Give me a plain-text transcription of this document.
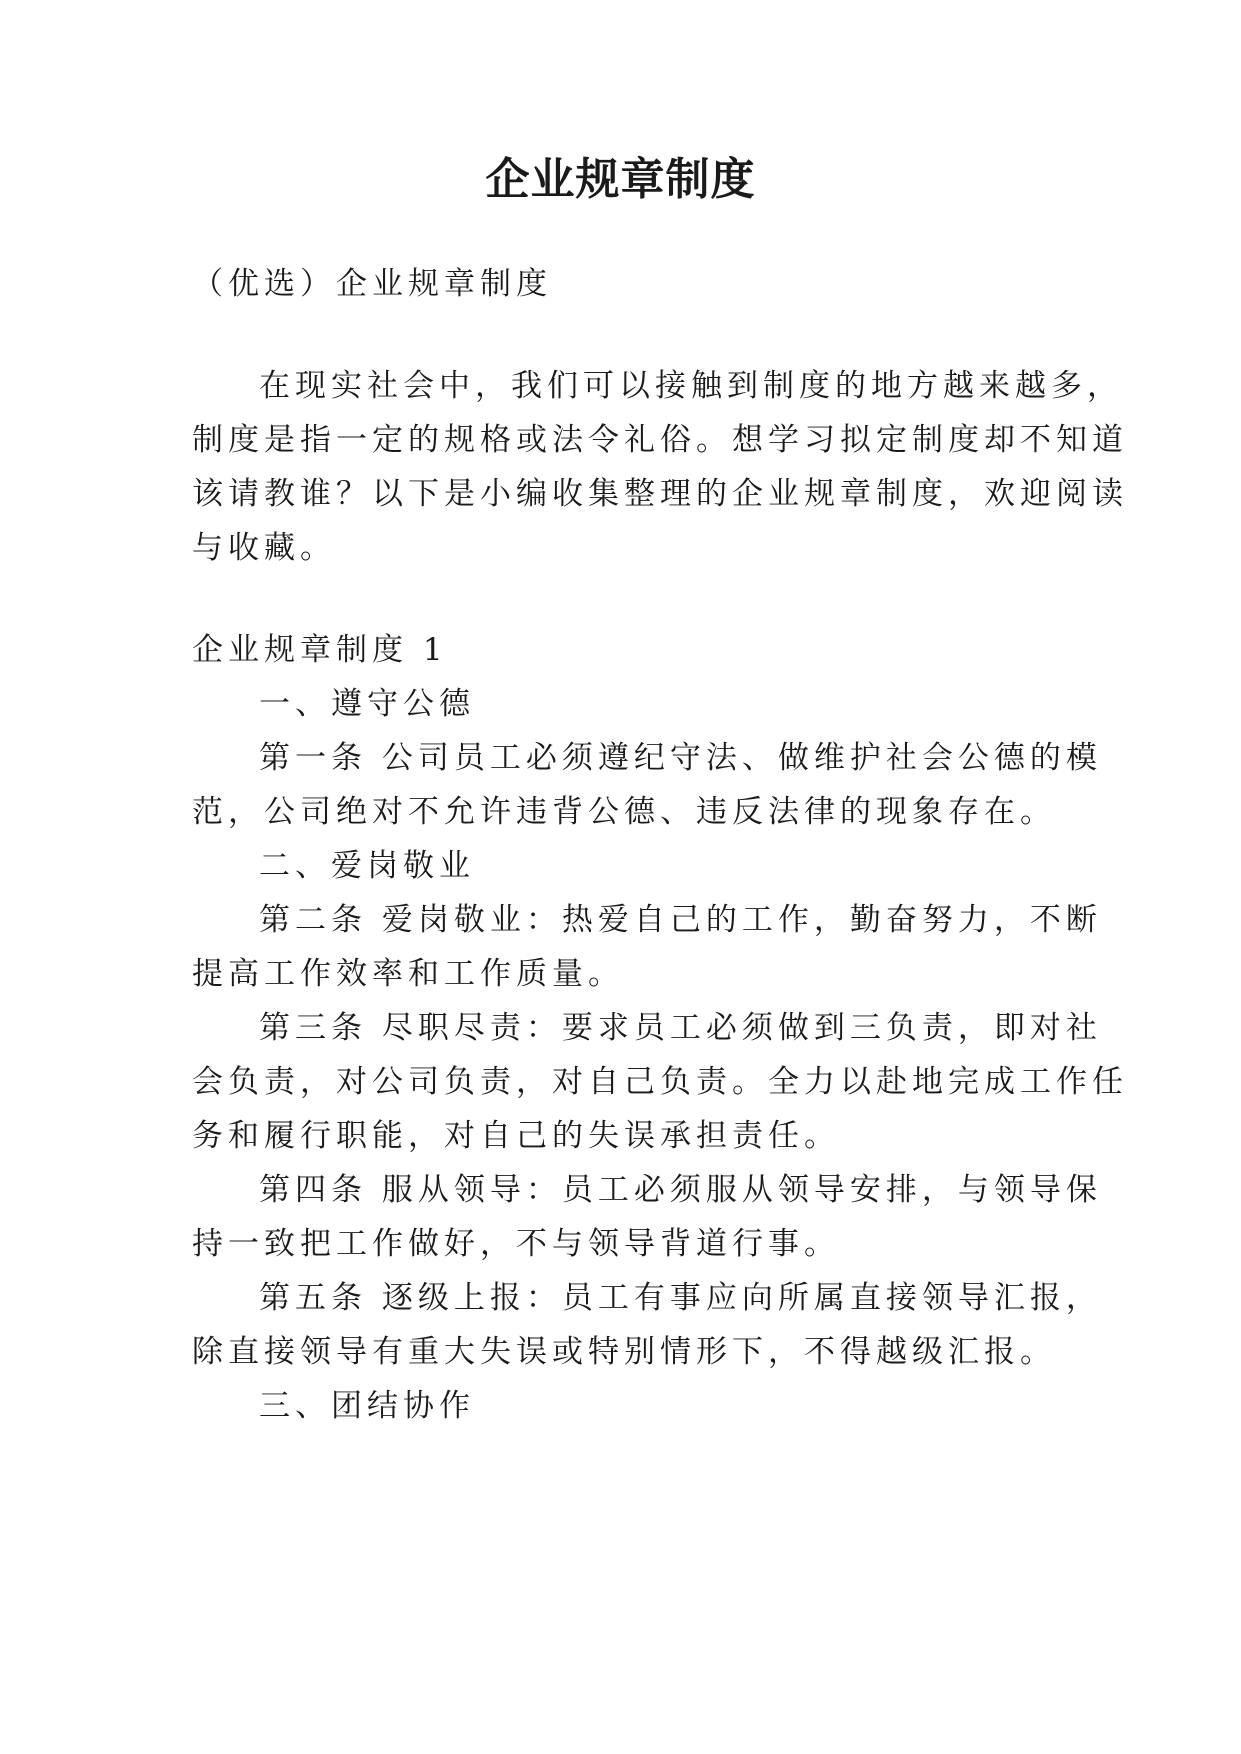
企业规章制度
（优选）企业规章制度
在现实社会中，我们可以接触到制度的地方越来越多，
制度是指一定的规格或法令礼俗。想学习拟定制度却不知道
该请教谁？以下是小编收集整理的企业规章制度，欢迎阅读
与收藏。
企业规章制度 1
一、遵守公德
第一条 公司员工必须遵纪守法、做维护社会公德的模
范，公司绝对不允许违背公德、违反法律的现象存在。
二、爱岗敬业
第二条 爱岗敬业：热爱自己的工作，勤奋努力，不断
提高工作效率和工作质量。
第三条 尽职尽责：要求员工必须做到三负责，即对社
会负责，对公司负责，对自己负责。全力以赴地完成工作任
务和履行职能，对自己的失误承担责任。
第四条 服从领导：员工必须服从领导安排，与领导保
持一致把工作做好，不与领导背道行事。
第五条 逐级上报：员工有事应向所属直接领导汇报，
除直接领导有重大失误或特别情形下，不得越级汇报。
三、团结协作
